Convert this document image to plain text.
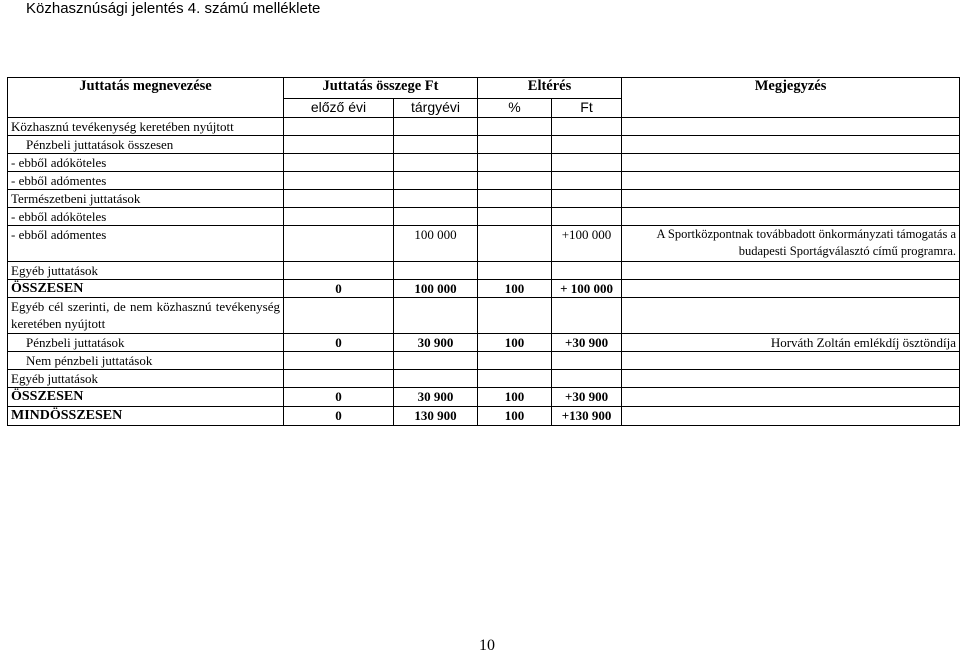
Közhasznúsági jelentés 4. számú melléklete
Juttatás megnevezése	Juttatás összege Ft		Eltérés		Megjegyzés
	előző évi	tárgyévi	%	Ft	
Közhasznú tevékenység keretében nyújtott					
Pénzbeli juttatások összesen					
- ebből adóköteles					
- ebből adómentes					
Természetbeni juttatások					
- ebből adóköteles					
- ebből adómentes		100 000		+100 000	A Sportközpontnak továbbadott önkormányzati támogatás a budapesti Sportágválasztó című programra.
Egyéb juttatások					
ÖSSZESEN	0	100 000	100	+ 100 000	
Egyéb cél szerinti, de nem közhasznú tevékenység keretében nyújtott					
Pénzbeli juttatások	0	30 900	100	+30 900	Horváth Zoltán emlékdíj ösztöndíja
Nem pénzbeli juttatások					
Egyéb juttatások					
ÖSSZESEN	0	30 900	100	+30 900	
MINDÖSSZESEN	0	130 900	100	+130 900	
10
